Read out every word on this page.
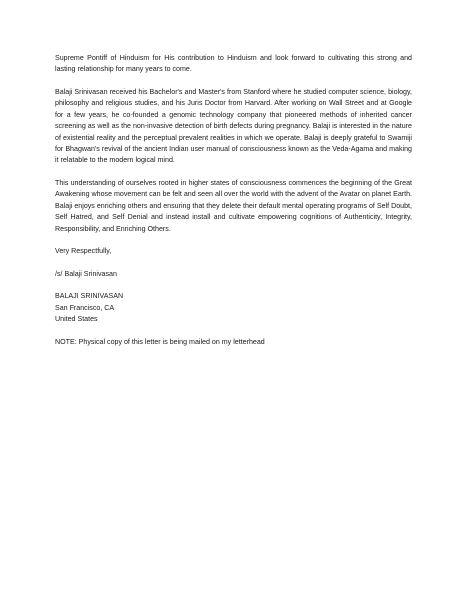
Supreme Pontiff of Hinduism for His contribution to Hinduism and look forward to cultivating this strong and lasting relationship for many years to come.

Balaji Srinivasan received his Bachelor's and Master's from Stanford where he studied computer science, biology, philosophy and religious studies, and his Juris Doctor from Harvard. After working on Wall Street and at Google for a few years, he co-founded a genomic technology company that pioneered methods of inherited cancer screening as well as the non-invasive detection of birth defects during pregnancy. Balaji is interested in the nature of existential reality and the perceptual prevalent realities in which we operate. Balaji is deeply grateful to Swamiji for Bhagwan's revival of the ancient Indian user manual of consciousness known as the Veda-Agama and making it relatable to the modern logical mind.

This understanding of ourselves rooted in higher states of consciousness commences the beginning of the Great Awakening whose movement can be felt and seen all over the world with the advent of the Avatar on planet Earth. Balaji enjoys enriching others and ensuring that they delete their default mental operating programs of Self Doubt, Self Hatred, and Self Denial and instead install and cultivate empowering cognitions of Authenticity, Integrity, Responsibility, and Enriching Others.

Very Respectfully,

/s/ Balaji Srinivasan

BALAJI SRINIVASAN
San Francisco, CA
United States

NOTE: Physical copy of this letter is being mailed on my letterhead
